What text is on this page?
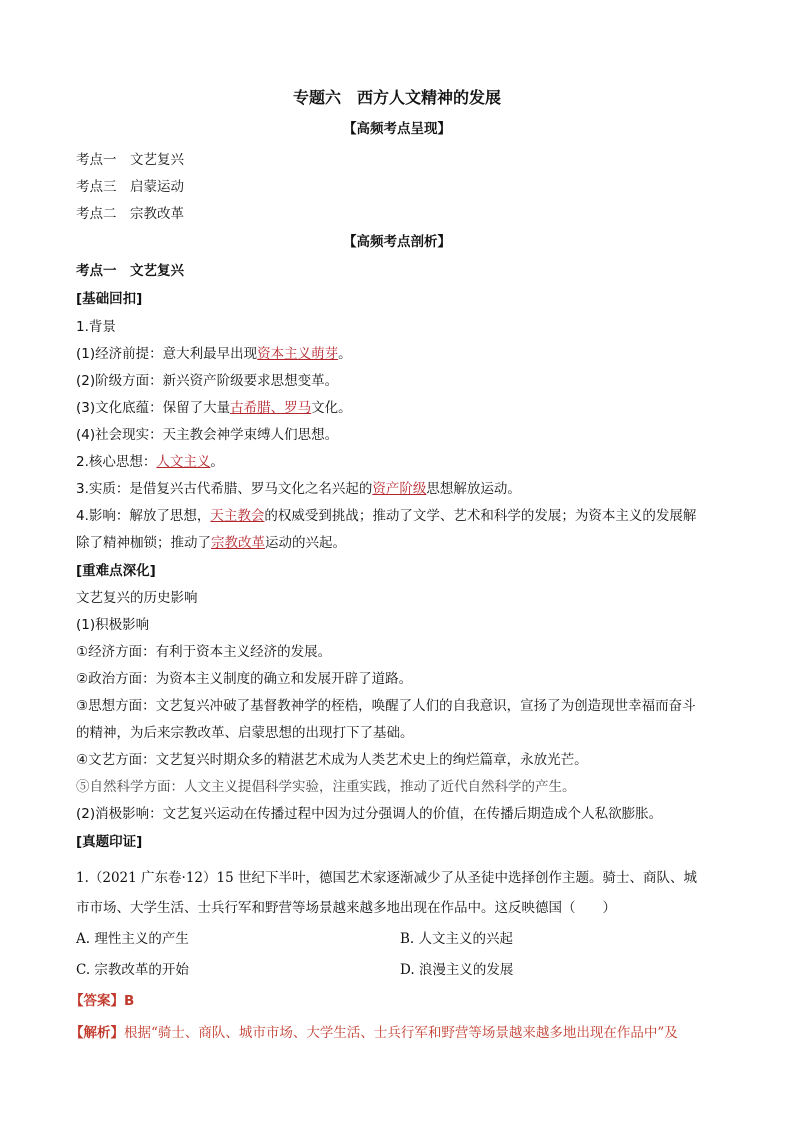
专题六　西方人文精神的发展
【高频考点呈现】
考点一　文艺复兴
考点三　启蒙运动
考点二　宗教改革
【高频考点剖析】
考点一　文艺复兴
[基础回扣]
1.背景
(1)经济前提：意大利最早出现资本主义萌芽。
(2)阶级方面：新兴资产阶级要求思想变革。
(3)文化底蕴：保留了大量古希腊、罗马文化。
(4)社会现实：天主教会神学束缚人们思想。
2.核心思想：人文主义。
3.实质：是借复兴古代希腊、罗马文化之名兴起的资产阶级思想解放运动。
4.影响：解放了思想，天主教会的权威受到挑战；推动了文学、艺术和科学的发展；为资本主义的发展解
除了精神枷锁；推动了宗教改革运动的兴起。
[重难点深化]
文艺复兴的历史影响
(1)积极影响
①经济方面：有利于资本主义经济的发展。
②政治方面：为资本主义制度的确立和发展开辟了道路。
③思想方面：文艺复兴冲破了基督教神学的桎梏，唤醒了人们的自我意识，宣扬了为创造现世幸福而奋斗
的精神，为后来宗教改革、启蒙思想的出现打下了基础。
④文艺方面：文艺复兴时期众多的精湛艺术成为人类艺术史上的绚烂篇章，永放光芒。
⑤自然科学方面：人文主义提倡科学实验，注重实践，推动了近代自然科学的产生。
(2)消极影响：文艺复兴运动在传播过程中因为过分强调人的价值，在传播后期造成个人私欲膨胀。
[真题印证]
1.（2021 广东卷·12）15 世纪下半叶，德国艺术家逐渐减少了从圣徒中选择创作主题。骑士、商队、城
市市场、大学生活、士兵行军和野营等场景越来越多地出现在作品中。这反映德国（　　）
A. 理性主义的产生	B. 人文主义的兴起
C. 宗教改革的开始	D. 浪漫主义的发展
【答案】B
【解析】根据“骑士、商队、城市市场、大学生活、士兵行军和野营等场景越来越多地出现在作品中”及
